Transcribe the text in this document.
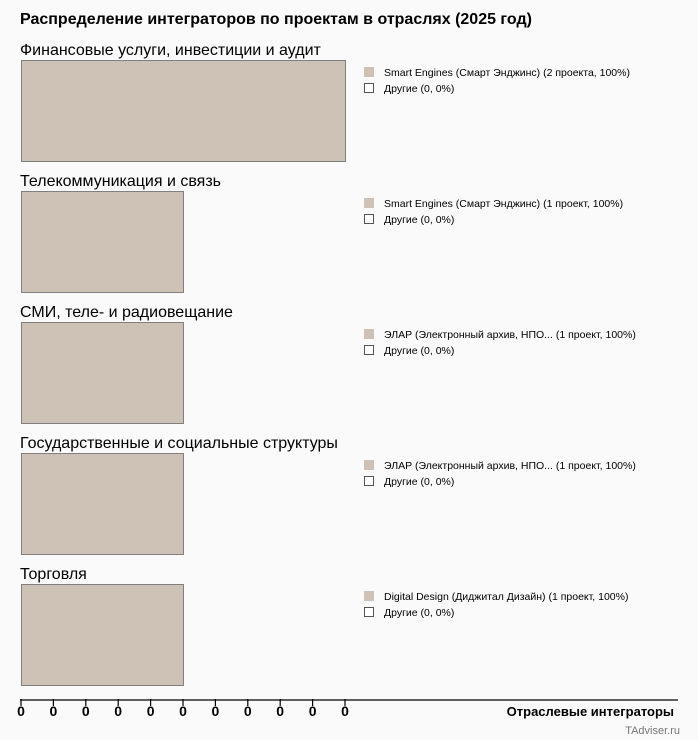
Распределение интеграторов по проектам в отраслях (2025 год)
Финансовые услуги, инвестиции и аудит
Smart Engines (Смарт Энджинс) (2 проекта, 100%)
Другие (0, 0%)
Телекоммуникация и связь
Smart Engines (Смарт Энджинс) (1 проект, 100%)
Другие (0, 0%)
СМИ, теле- и радиовещание
ЭЛАР (Электронный архив, НПО... (1 проект, 100%)
Другие (0, 0%)
Государственные и социальные структуры
ЭЛАР (Электронный архив, НПО... (1 проект, 100%)
Другие (0, 0%)
Торговля
Digital Design (Диджитал Дизайн) (1 проект, 100%)
Другие (0, 0%)
0 0 0 0 0 0 0 0 0 0 0	Отраслевые интеграторы
TAdviser.ru
